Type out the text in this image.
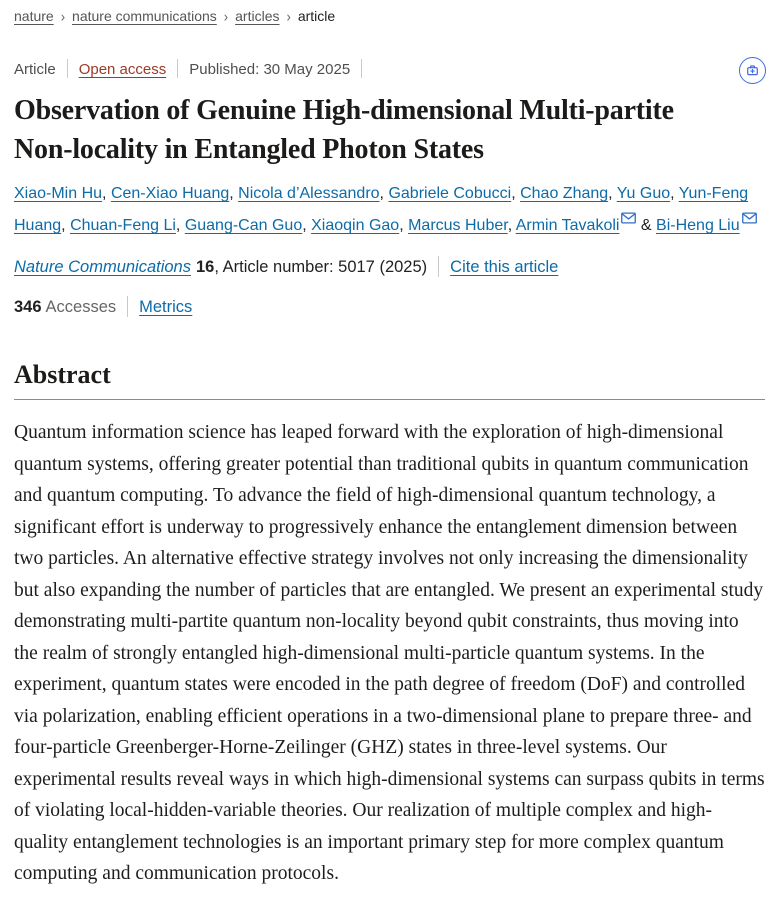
nature › nature communications › articles › article
Article Open access Published: 30 May 2025
Observation of Genuine High-dimensional Multi-partite Non-locality in Entangled Photon States
Xiao-Min Hu, Cen-Xiao Huang, Nicola d’Alessandro, Gabriele Cobucci, Chao Zhang, Yu Guo, Yun-Feng Huang, Chuan-Feng Li, Guang-Can Guo, Xiaoqin Gao, Marcus Huber, Armin Tavakoli & Bi-Heng Liu
Nature Communications 16, Article number: 5017 (2025) Cite this article
346 Accesses Metrics
Abstract

Quantum information science has leaped forward with the exploration of high-dimensional quantum systems, offering greater potential than traditional qubits in quantum communication and quantum computing. To advance the field of high-dimensional quantum technology, a significant effort is underway to progressively enhance the entanglement dimension between two particles. An alternative effective strategy involves not only increasing the dimensionality but also expanding the number of particles that are entangled. We present an experimental study demonstrating multi-partite quantum non-locality beyond qubit constraints, thus moving into the realm of strongly entangled high-dimensional multi-particle quantum systems. In the experiment, quantum states were encoded in the path degree of freedom (DoF) and controlled via polarization, enabling efficient operations in a two-dimensional plane to prepare three- and four-particle Greenberger-Horne-Zeilinger (GHZ) states in three-level systems. Our experimental results reveal ways in which high-dimensional systems can surpass qubits in terms of violating local-hidden-variable theories. Our realization of multiple complex and high-quality entanglement technologies is an important primary step for more complex quantum computing and communication protocols.
